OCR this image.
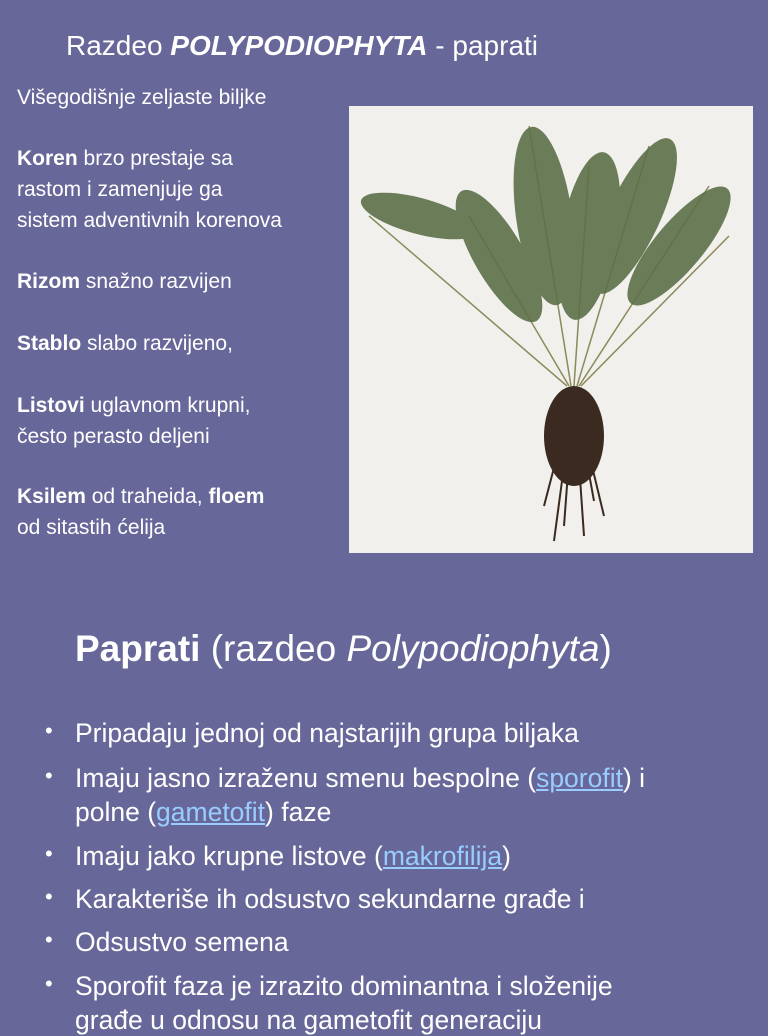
Razdeo POLYPODIOPHYTA - paprati
Višegodišnje zeljaste biljke
Koren brzo prestaje sa
rastom i zamenjuje ga
sistem adventivnih korenova
Rizom snažno razvijen
Stablo slabo razvijeno,
Listovi uglavnom krupni,
često perasto deljeni
Ksilem od traheida, floem
od sitastih ćelija
Paprati (razdeo Polypodiophyta)
• Pripadaju jednoj od najstarijih grupa biljaka
• Imaju jasno izraženu smenu bespolne (sporofit) i
polne (gametofit) faze
• Imaju jako krupne listove (makrofilija)
• Karakteriše ih odsustvo sekundarne građe i
• Odsustvo semena
• Sporofit faza je izrazito dominantna i složenije
građe u odnosu na gametofit generaciju
